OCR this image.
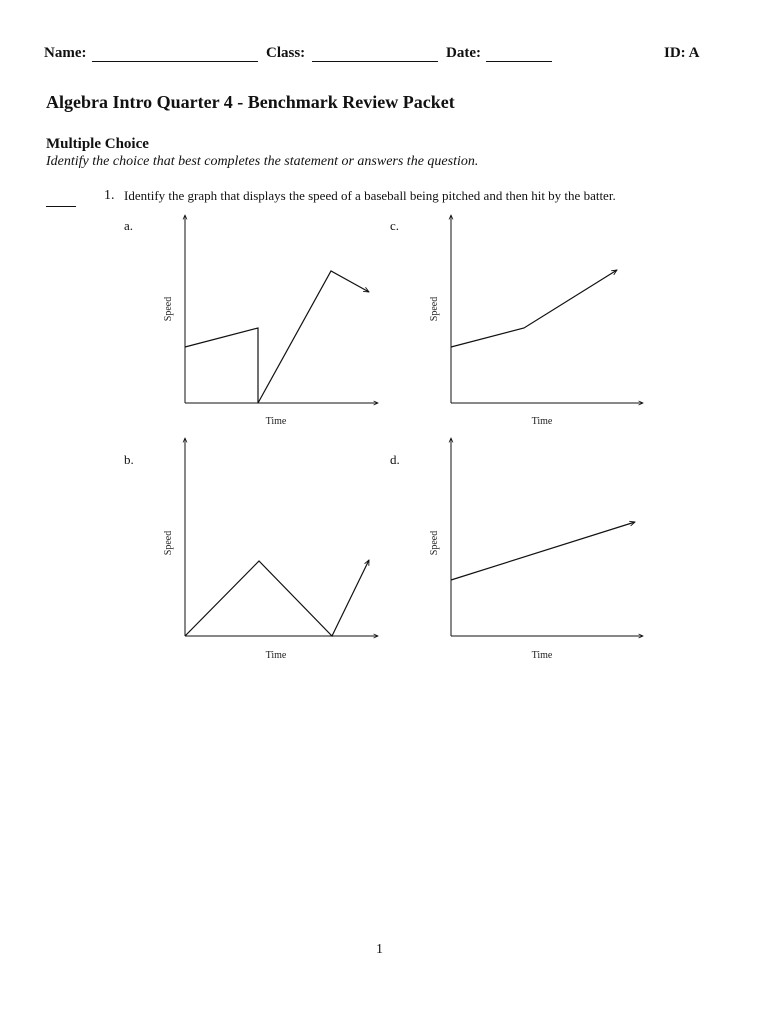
Name:	Class:	Date:	ID: A
Algebra Intro Quarter 4 - Benchmark Review Packet
Multiple Choice
Identify the choice that best completes the statement or answers the question.
1. Identify the graph that displays the speed of a baseball being pitched and then hit by the batter.
a.	c.
b.	d.
Speed
Time
Speed
Time
Speed
Time
Speed
Time
1
